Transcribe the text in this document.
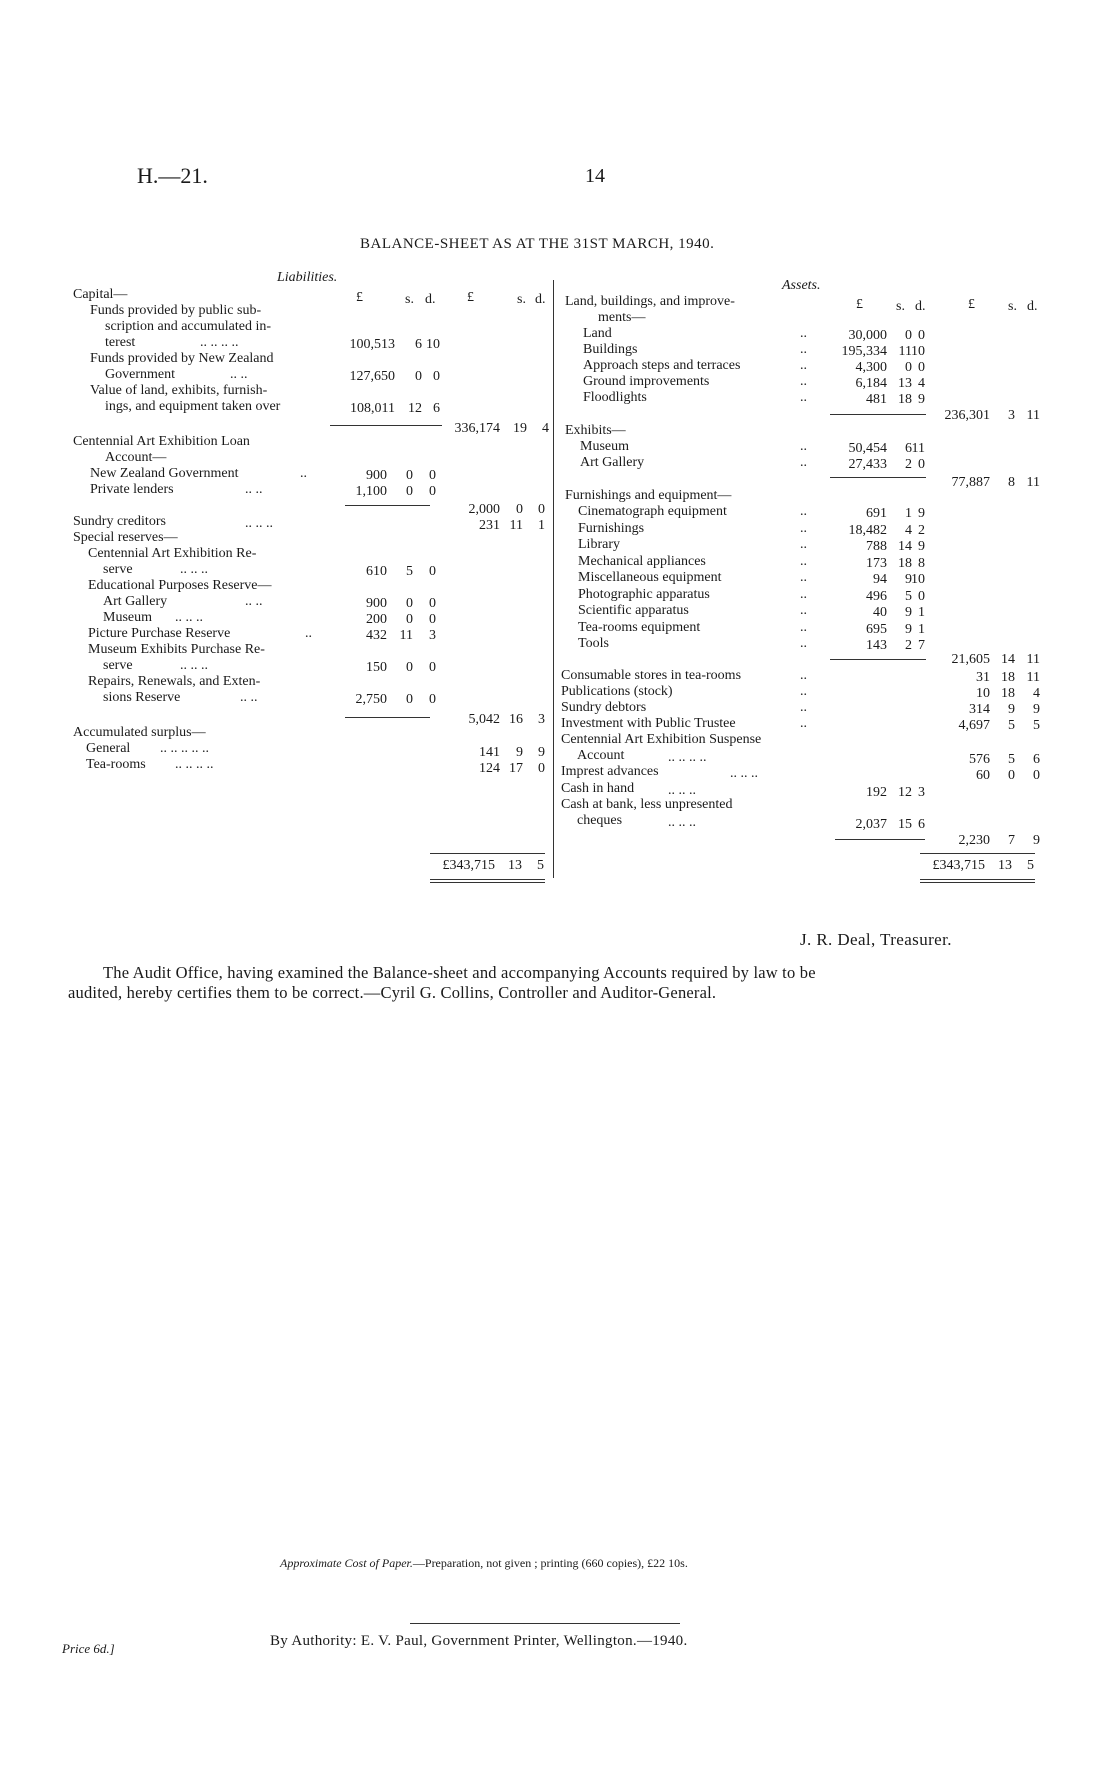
H.—21.	14
BALANCE-SHEET AS AT THE 31ST MARCH, 1940.
Liabilities.
£	s. d. £	s. d.
Capital—
Funds provided by public sub-
scription and accumulated in-
terest	.. .. .. ..	100,513	6 10
Funds provided by New Zealand
Government	.. ..	127,650	0 0
Value of land, exhibits, furnish-
ings, and equipment taken over	108,011 12 6
336,174 19	4
Centennial Art Exhibition Loan
Account—
New Zealand Government	..	900	0	0
Private lenders	.. ..	1,100	0	0
2,000	0	0
Sundry creditors	.. .. ..	231 11	1
Special reserves—
Centennial Art Exhibition Re-
serve	.. .. ..	610	5	0
Educational Purposes Reserve—
Art Gallery	.. ..	900	0	0
Museum .. .. ..	200	0	0
Picture Purchase Reserve	..	432 11	3
Museum Exhibits Purchase Re-
serve	.. .. ..	150	0	0
Repairs, Renewals, and Exten-
sions Reserve	.. ..	2,750	0	0
5,042 16	3
Accumulated surplus—
General .. .. .. .. ..	141	9	9
Tea-rooms .. .. .. ..	124 17	0
£343,715 13	5
Assets.
£ s. d.	£ s. d.
Land, buildings, and improve-
ments—
Land	..	30,000	0 0
Buildings	..	195,334 11 10
Approach steps and terraces	..	4,300	0 0
Ground improvements	..	6,184 13 4
Floodlights	..	481 18 9
236,301	3 11
Exhibits—
Museum	..	50,454	6 11
Art Gallery	..	27,433	2 0
77,887	8 11
Furnishings and equipment—
Cinematograph equipment	..	691	1 9
Furnishings	..	18,482	4 2
Library	..	788 14 9
Mechanical appliances	..	173 18 8
Miscellaneous equipment	..	94	9 10
Photographic apparatus	..	496	5 0
Scientific apparatus	..	40	9 1
Tea-rooms equipment	..	695	9 1
Tools	..	143	2 7
21,605 14 11
Consumable stores in tea-rooms	..	31 18 11
Publications (stock)	..	10 18	4
Sundry debtors	..	314	9	9
Investment with Public Trustee	..	4,697	5	5
Centennial Art Exhibition Suspense
Account	.. .. .. ..	576	5	6
Imprest advances	.. .. ..	60	0	0
Cash in hand .. .. ..	192 12 3
Cash at bank, less unpresented
cheques	.. .. ..	2,037 15 6
2,230	7	9
£343,715 13	5
J. R. Deal, Treasurer.
The Audit Office, having examined the Balance-sheet and accompanying Accounts required by law to be
audited, hereby certifies them to be correct.—Cyril G. Collins, Controller and Auditor-General.
Approximate Cost of Paper.—Preparation, not given ; printing (660 copies), £22 10s.
By Authority: E. V. Paul, Government Printer, Wellington.—1940.
Price 6d.]
